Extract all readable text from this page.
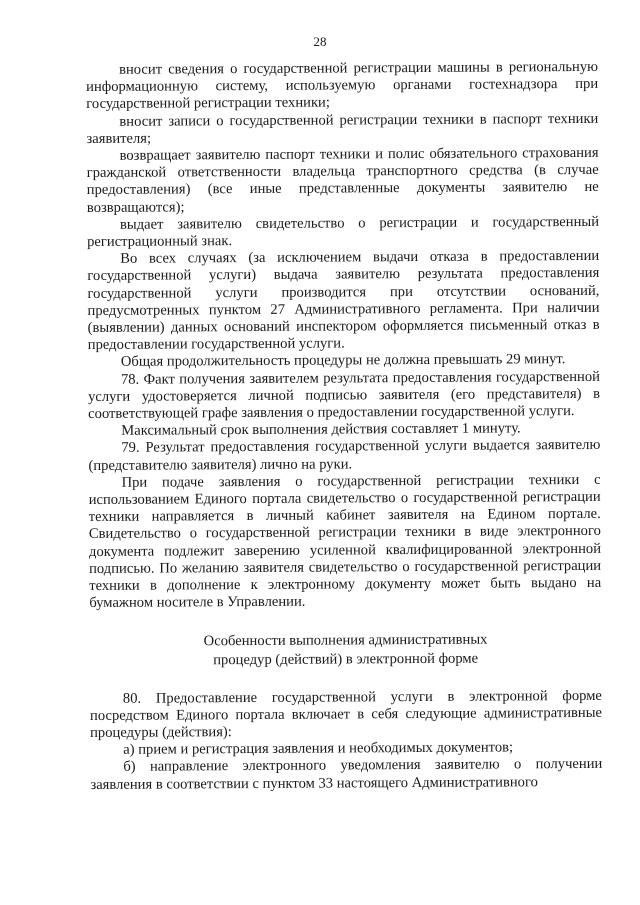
28

вносит сведения о государственной регистрации машины в региональную информационную систему, используемую органами гостехнадзора при государственной регистрации техники;

вносит записи о государственной регистрации техники в паспорт техники заявителя;

возвращает заявителю паспорт техники и полис обязательного страхования гражданской ответственности владельца транспортного средства (в случае предоставления) (все иные представленные документы заявителю не возвращаются);

выдает заявителю свидетельство о регистрации и государственный регистрационный знак.

Во всех случаях (за исключением выдачи отказа в предоставлении государственной услуги) выдача заявителю результата предоставления государственной услуги производится при отсутствии оснований, предусмотренных пунктом 27 Административного регламента. При наличии (выявлении) данных оснований инспектором оформляется письменный отказ в предоставлении государственной услуги.

Общая продолжительность процедуры не должна превышать 29 минут.

78. Факт получения заявителем результата предоставления государственной услуги удостоверяется личной подписью заявителя (его представителя) в соответствующей графе заявления о предоставлении государственной услуги.

Максимальный срок выполнения действия составляет 1 минуту.

79. Результат предоставления государственной услуги выдается заявителю (представителю заявителя) лично на руки.

При подаче заявления о государственной регистрации техники с использованием Единого портала свидетельство о государственной регистрации техники направляется в личный кабинет заявителя на Едином портале. Свидетельство о государственной регистрации техники в виде электронного документа подлежит заверению усиленной квалифицированной электронной подписью. По желанию заявителя свидетельство о государственной регистрации техники в дополнение к электронному документу может быть выдано на бумажном носителе в Управлении.

Особенности выполнения административных
процедур (действий) в электронной форме

80. Предоставление государственной услуги в электронной форме посредством Единого портала включает в себя следующие административные процедуры (действия):

а) прием и регистрация заявления и необходимых документов;

б) направление электронного уведомления заявителю о получении заявления в соответствии с пунктом 33 настоящего Административного
